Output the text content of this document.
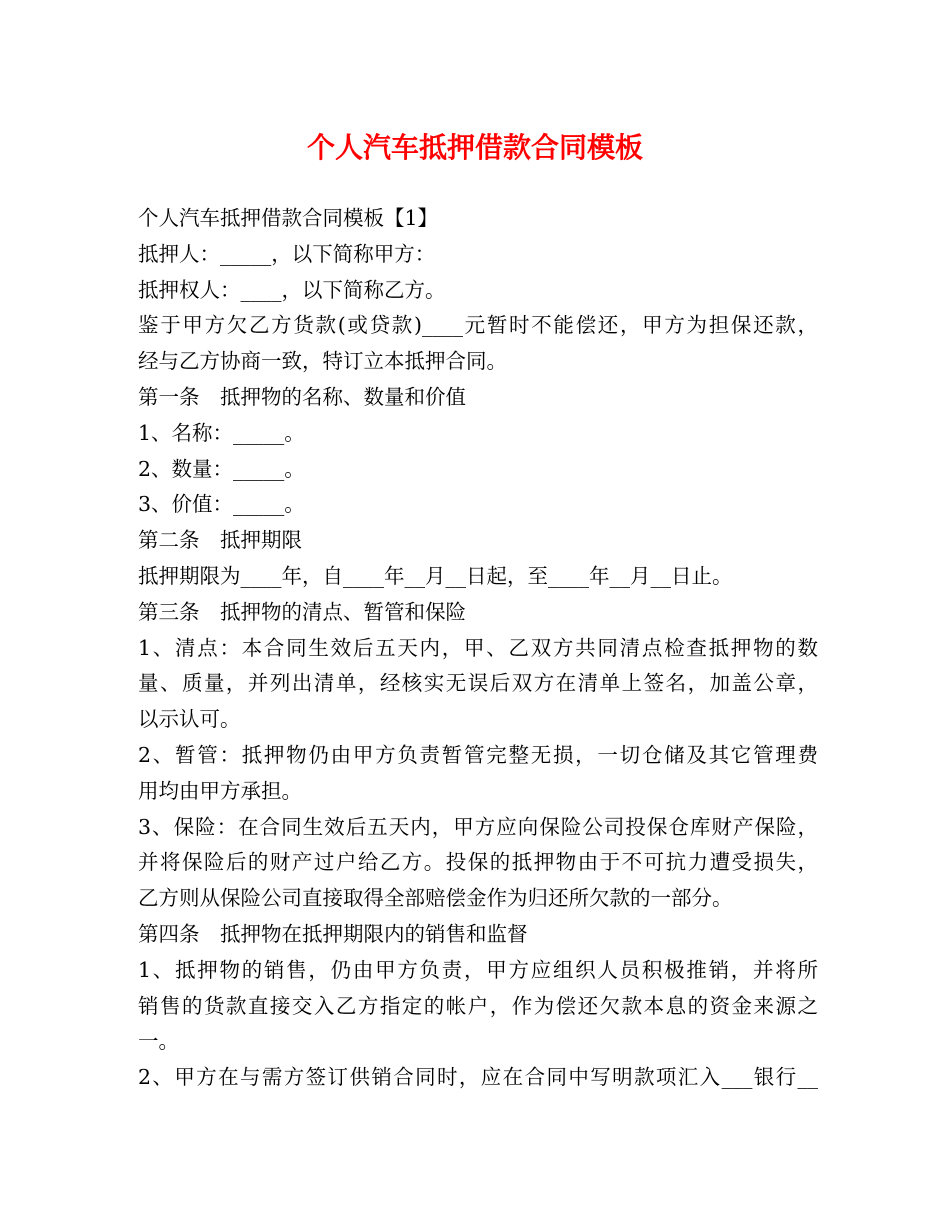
个人汽车抵押借款合同模板
个人汽车抵押借款合同模板【1】
抵押人：_____，以下简称甲方：
抵押权人：____，以下简称乙方。
鉴于甲方欠乙方货款(或贷款)____元暂时不能偿还，甲方为担保还款，
经与乙方协商一致，特订立本抵押合同。
第一条　抵押物的名称、数量和价值
1、名称：_____。
2、数量：_____。
3、价值：_____。
第二条　抵押期限
抵押期限为____年，自____年__月__日起，至____年__月__日止。
第三条　抵押物的清点、暂管和保险
1、清点：本合同生效后五天内，甲、乙双方共同清点检查抵押物的数
量、质量，并列出清单，经核实无误后双方在清单上签名，加盖公章，
以示认可。
2、暂管：抵押物仍由甲方负责暂管完整无损，一切仓储及其它管理费
用均由甲方承担。
3、保险：在合同生效后五天内，甲方应向保险公司投保仓库财产保险，
并将保险后的财产过户给乙方。投保的抵押物由于不可抗力遭受损失，
乙方则从保险公司直接取得全部赔偿金作为归还所欠款的一部分。
第四条　抵押物在抵押期限内的销售和监督
1、抵押物的销售，仍由甲方负责，甲方应组织人员积极推销，并将所
销售的货款直接交入乙方指定的帐户，作为偿还欠款本息的资金来源之
一。
2、甲方在与需方签订供销合同时，应在合同中写明款项汇入___银行__
